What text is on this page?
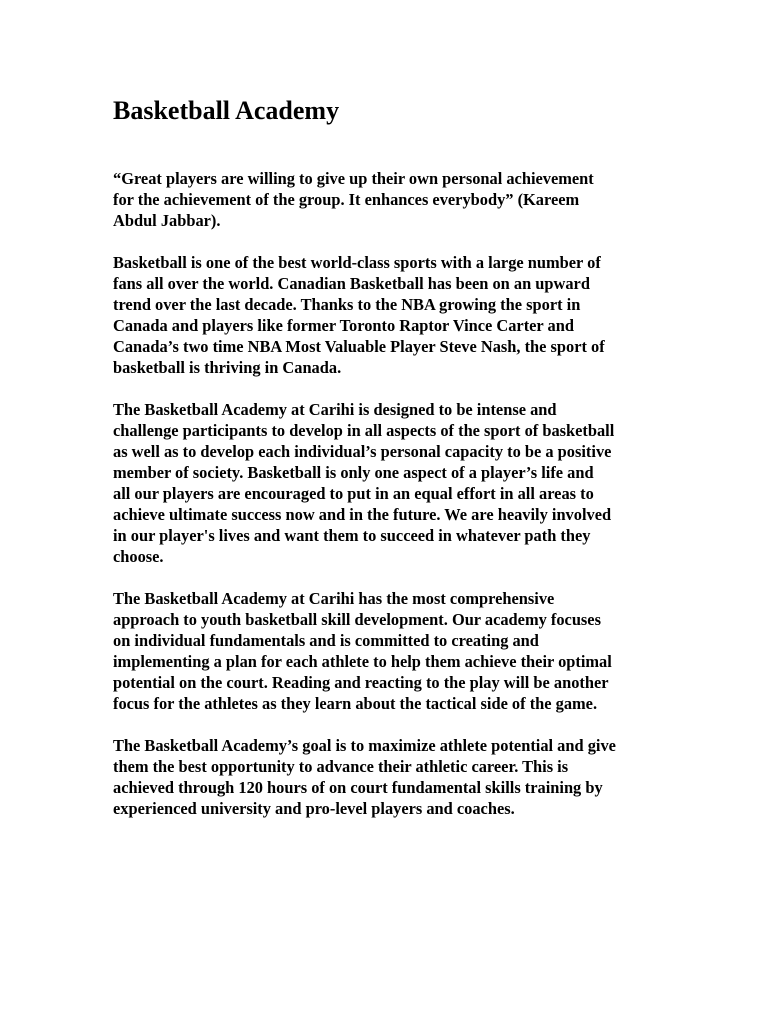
Basketball Academy

“Great players are willing to give up their own personal achievement
for the achievement of the group. It enhances everybody” (Kareem
Abdul Jabbar).

Basketball is one of the best world-class sports with a large number of
fans all over the world. Canadian Basketball has been on an upward
trend over the last decade. Thanks to the NBA growing the sport in
Canada and players like former Toronto Raptor Vince Carter and
Canada’s two time NBA Most Valuable Player Steve Nash, the sport of
basketball is thriving in Canada.

The Basketball Academy at Carihi is designed to be intense and
challenge participants to develop in all aspects of the sport of basketball
as well as to develop each individual’s personal capacity to be a positive
member of society. Basketball is only one aspect of a player’s life and
all our players are encouraged to put in an equal effort in all areas to
achieve ultimate success now and in the future. We are heavily involved
in our player's lives and want them to succeed in whatever path they
choose.

The Basketball Academy at Carihi has the most comprehensive
approach to youth basketball skill development. Our academy focuses
on individual fundamentals and is committed to creating and
implementing a plan for each athlete to help them achieve their optimal
potential on the court. Reading and reacting to the play will be another
focus for the athletes as they learn about the tactical side of the game.

The Basketball Academy’s goal is to maximize athlete potential and give
them the best opportunity to advance their athletic career. This is
achieved through 120 hours of on court fundamental skills training by
experienced university and pro-level players and coaches.
